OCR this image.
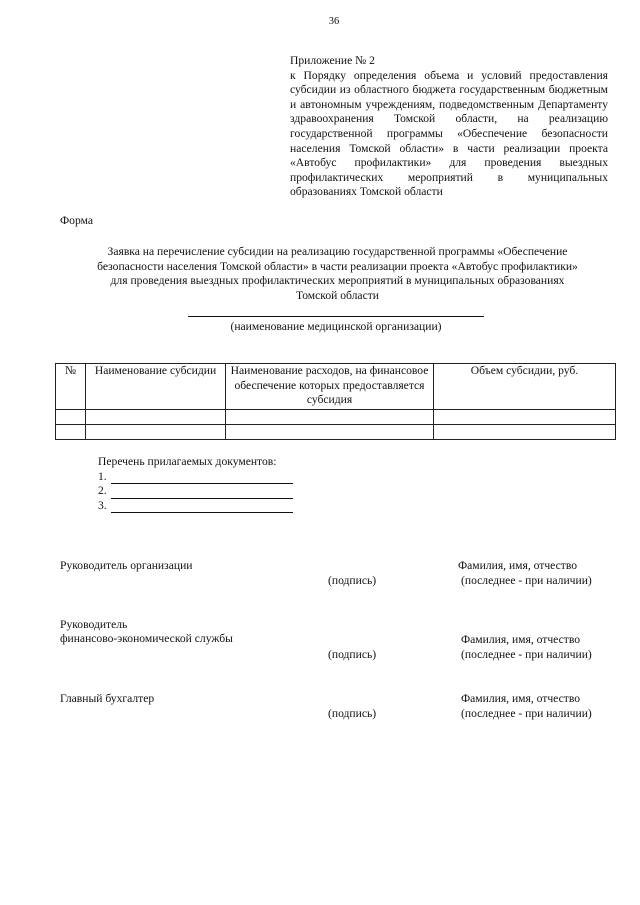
36

Приложение № 2

к Порядку определения объема и условий предоставления субсидии из областного бюджета государственным бюджетным и автономным учреждениям, подведомственным Департаменту здравоохранения Томской области, на реализацию государственной программы «Обеспечение безопасности населения Томской области» в части реализации проекта «Автобус профилактики» для проведения выездных профилактических мероприятий в муниципальных образованиях Томской области

Форма
Заявка на перечисление субсидии на реализацию государственной программы «Обеспечение
безопасности населения Томской области» в части реализации проекта «Автобус профилактики»
для проведения выездных профилактических мероприятий в муниципальных образованиях
Томской области
(наименование медицинской организации)
№	Наименование субсидии	Наименование расходов, на финансовое обеспечение которых предоставляется субсидия	Объем субсидии, руб.

Перечень прилагаемых документов:
1.
2.
3.
Руководитель организации	Фамилия, имя, отчество
(подпись)	(последнее - при наличии)
Руководитель
финансово-экономической службы	Фамилия, имя, отчество
(подпись)	(последнее - при наличии)
Главный бухгалтер	Фамилия, имя, отчество
(подпись)	(последнее - при наличии)
